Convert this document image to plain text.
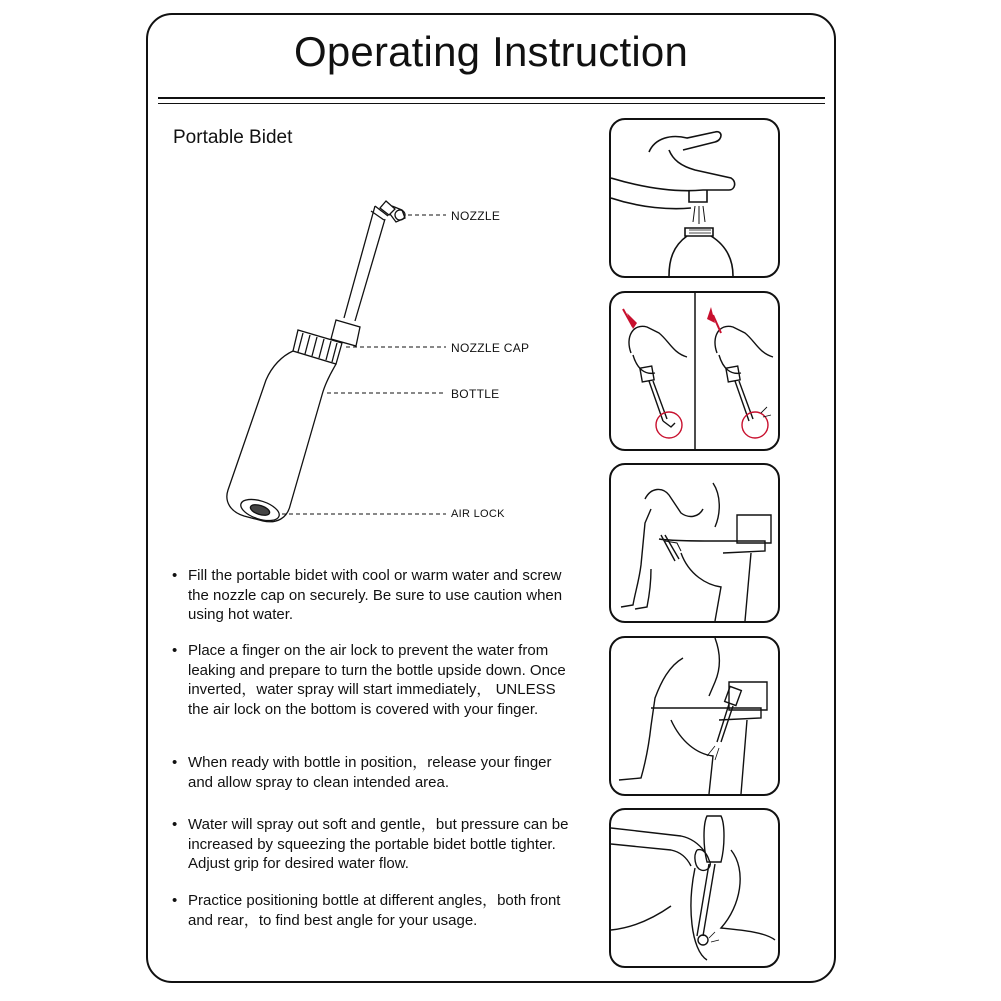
Operating Instruction
Portable Bidet
NOZZLE
NOZZLE CAP
BOTTLE
AIR LOCK
• Fill the portable bidet with cool or warm water and screw the nozzle cap on securely. Be sure to use caution when using hot water.
• Place a finger on the air lock to prevent the water from leaking and prepare to turn the bottle upside down. Once inverted，water spray will start immediately， UNLESS the air lock on the bottom is covered with your finger.
• When ready with bottle in position，release your finger and allow spray to clean intended area.
• Water will spray out soft and gentle，but pressure can be increased by squeezing the portable bidet bottle tighter. Adjust grip for desired water flow.
• Practice positioning bottle at different angles，both front and rear，to find best angle for your usage.
